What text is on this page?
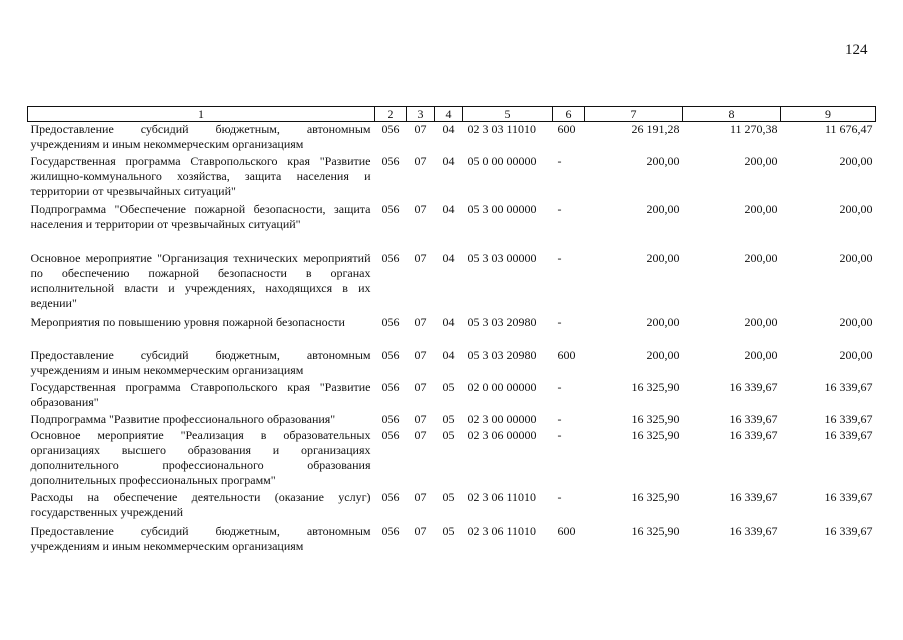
124
1	2	3	4	5	6	7	8	9
Предоставление субсидий бюджетным, автономным учреждениям и иным некоммерческим организациям	056	07	04	02 3 03 11010	600	26 191,28	11 270,38	11 676,47
Государственная программа Ставропольского края "Развитие жилищно-коммунального хозяйства, защита населения и территории от чрезвычайных ситуаций"	056	07	04	05 0 00 00000	-	200,00	200,00	200,00
Подпрограмма "Обеспечение пожарной безопасности, защита населения и территории от чрезвычайных ситуаций"	056	07	04	05 3 00 00000	-	200,00	200,00	200,00
Основное мероприятие "Организация технических мероприятий по обеспечению пожарной безопасности в органах исполнительной власти и учреждениях, находящихся в их ведении"	056	07	04	05 3 03 00000	-	200,00	200,00	200,00
Мероприятия по повышению уровня пожарной безопасности	056	07	04	05 3 03 20980	-	200,00	200,00	200,00
Предоставление субсидий бюджетным, автономным учреждениям и иным некоммерческим организациям	056	07	04	05 3 03 20980	600	200,00	200,00	200,00
Государственная программа Ставропольского края "Развитие образования"	056	07	05	02 0 00 00000	-	16 325,90	16 339,67	16 339,67
Подпрограмма "Развитие профессионального образования"	056	07	05	02 3 00 00000	-	16 325,90	16 339,67	16 339,67
Основное мероприятие "Реализация в образовательных организациях высшего образования и организациях дополнительного профессионального образования дополнительных профессиональных программ"	056	07	05	02 3 06 00000	-	16 325,90	16 339,67	16 339,67
Расходы на обеспечение деятельности (оказание услуг) государственных учреждений	056	07	05	02 3 06 11010	-	16 325,90	16 339,67	16 339,67
Предоставление субсидий бюджетным, автономным учреждениям и иным некоммерческим организациям	056	07	05	02 3 06 11010	600	16 325,90	16 339,67	16 339,67
